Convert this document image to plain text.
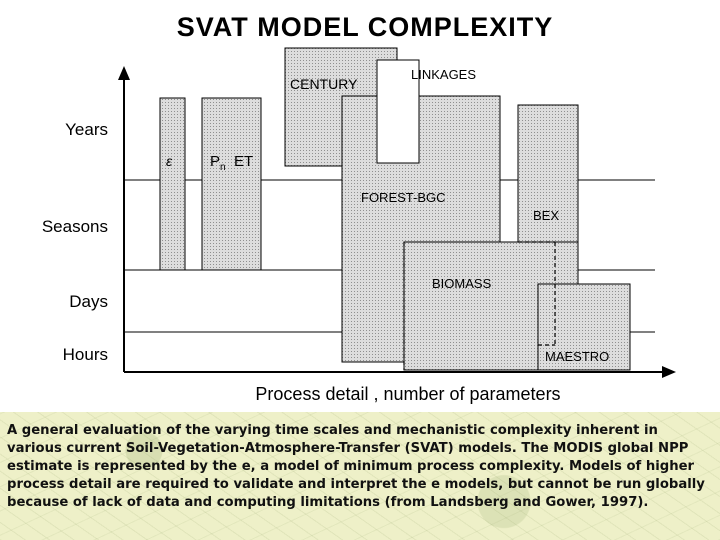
SVAT MODEL COMPLEXITY
ε	$P_n$ ET
CENTURY
LINKAGES
FOREST-BGC
BEX
BIOMASS
MAESTRO
Years
Seasons
Days
Hours
Process detail , number of parameters
A general evaluation of the varying time scales and mechanistic complexity inherent in various current Soil-Vegetation-Atmosphere-Transfer (SVAT) models. The MODIS global NPP estimate is represented by the e, a model of minimum process complexity. Models of higher process detail are required to validate and interpret the e models, but cannot be run globally because of lack of data and computing limitations (from Landsberg and Gower, 1997).
